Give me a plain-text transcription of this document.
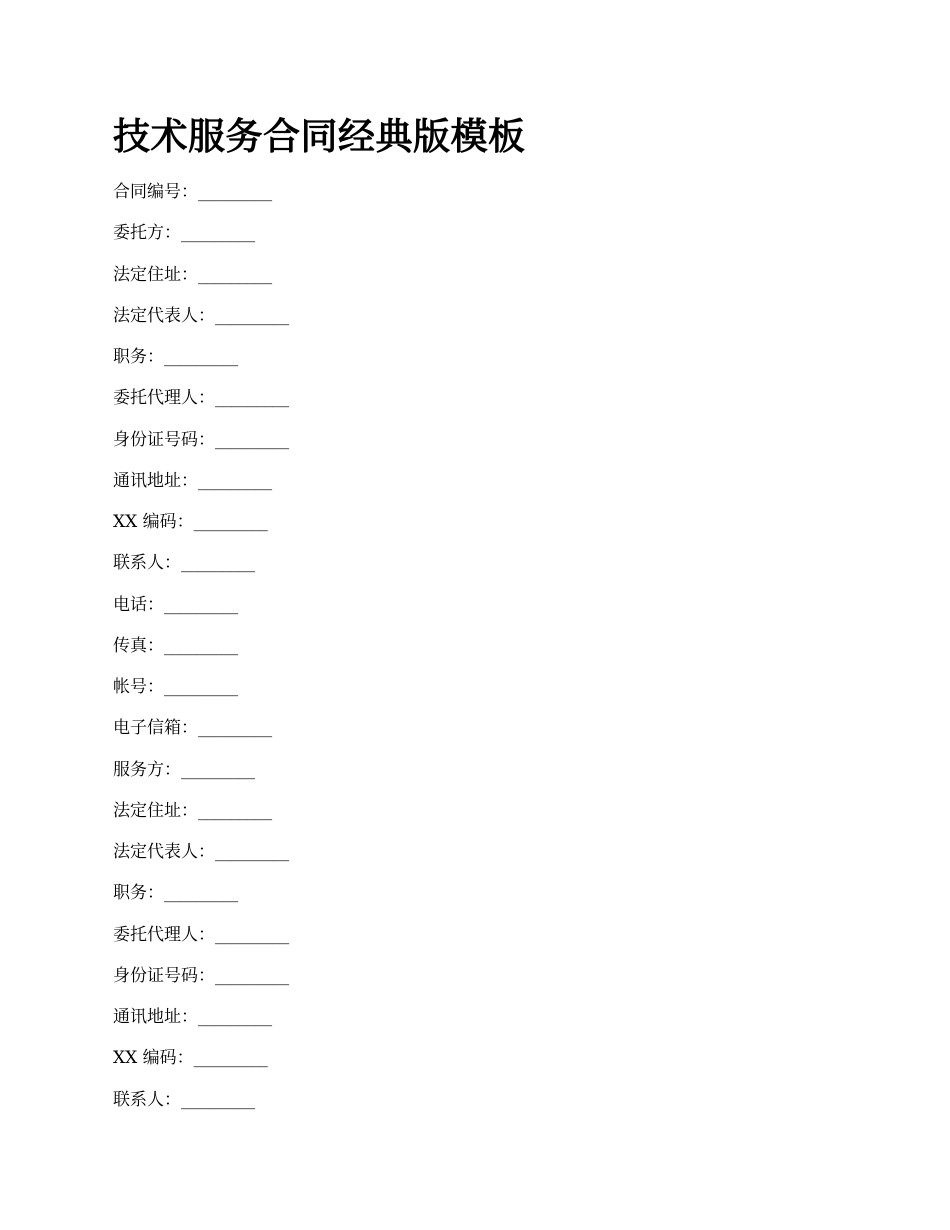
技术服务合同经典版模板
合同编号：_________
委托方：_________
法定住址：_________
法定代表人：_________
职务：_________
委托代理人：_________
身份证号码：_________
通讯地址：_________
XX 编码：_________
联系人：_________
电话：_________
传真：_________
帐号：_________
电子信箱：_________
服务方：_________
法定住址：_________
法定代表人：_________
职务：_________
委托代理人：_________
身份证号码：_________
通讯地址：_________
XX 编码：_________
联系人：_________
